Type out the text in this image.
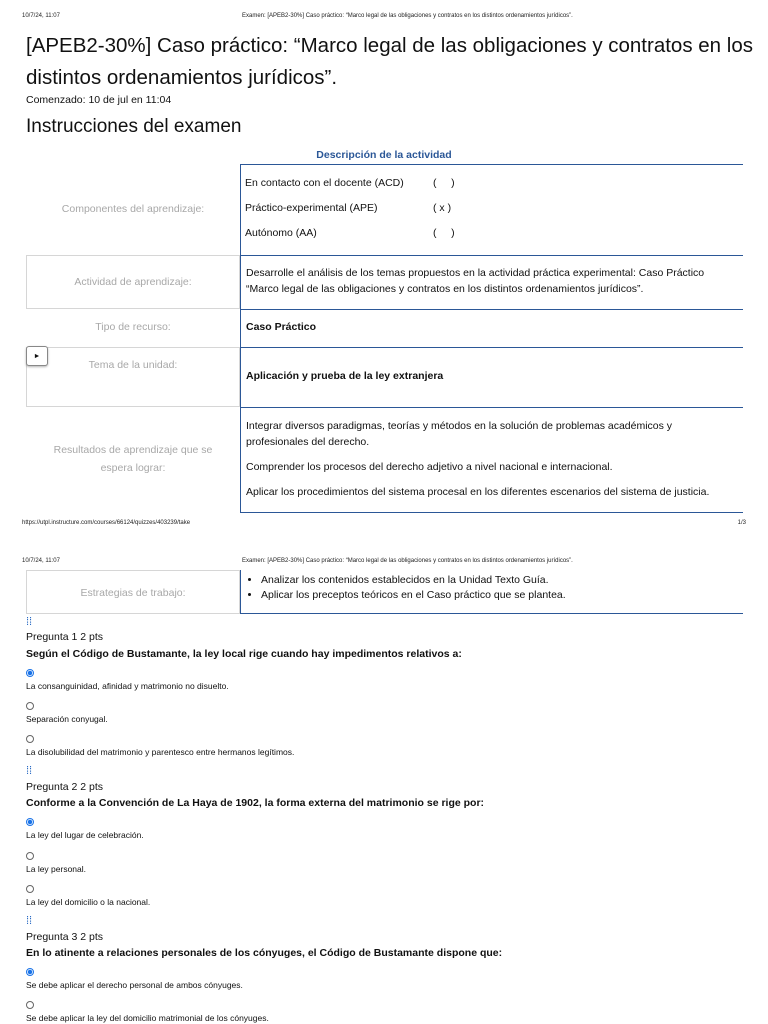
10/7/24, 11:07	Examen: [APEB2-30%] Caso práctico: “Marco legal de las obligaciones y contratos en los distintos ordenamientos jurídicos”.
[APEB2-30%] Caso práctico: “Marco legal de las obligaciones y contratos en los distintos ordenamientos jurídicos”.
Comenzado: 10 de jul en 11:04
Instrucciones del examen
Descripción de la actividad
Componentes del aprendizaje:
En contacto con el docente (ACD)	(     )
Práctico-experimental (APE)	( x )
Autónomo (AA)	(     )
Actividad de aprendizaje:
Desarrolle el análisis de los temas propuestos en la actividad práctica experimental: Caso Práctico “Marco legal de las obligaciones y contratos en los distintos ordenamientos jurídicos”.
Tipo de recurso:	Caso Práctico
Tema de la unidad:
Aplicación y prueba de la ley extranjera
►
Resultados de aprendizaje que se espera lograr:
Integrar diversos paradigmas, teorías y métodos en la solución de problemas académicos y profesionales del derecho.
Comprender los procesos del derecho adjetivo a nivel nacional e internacional.
Aplicar los procedimientos del sistema procesal en los diferentes escenarios del sistema de justicia.
https://utpl.instructure.com/courses/66124/quizzes/403239/take	1/3
10/7/24, 11:07	Examen: [APEB2-30%] Caso práctico: “Marco legal de las obligaciones y contratos en los distintos ordenamientos jurídicos”.
Estrategias de trabajo:
• Analizar los contenidos establecidos en la Unidad Texto Guía.
• Aplicar los preceptos teóricos en el Caso práctico que se plantea.
⁞⁞
Pregunta 1 2 pts
Según el Código de Bustamante, la ley local rige cuando hay impedimentos relativos a:
La consanguinidad, afinidad y matrimonio no disuelto.
Separación conyugal.
La disolubilidad del matrimonio y parentesco entre hermanos legítimos.
⁞⁞
Pregunta 2 2 pts
Conforme a la Convención de La Haya de 1902, la forma externa del matrimonio se rige por:
La ley del lugar de celebración.
La ley personal.
La ley del domicilio o la nacional.
⁞⁞
Pregunta 3 2 pts
En lo atinente a relaciones personales de los cónyuges, el Código de Bustamante dispone que:
Se debe aplicar el derecho personal de ambos cónyuges.
Se debe aplicar la ley del domicilio matrimonial de los cónyuges.
